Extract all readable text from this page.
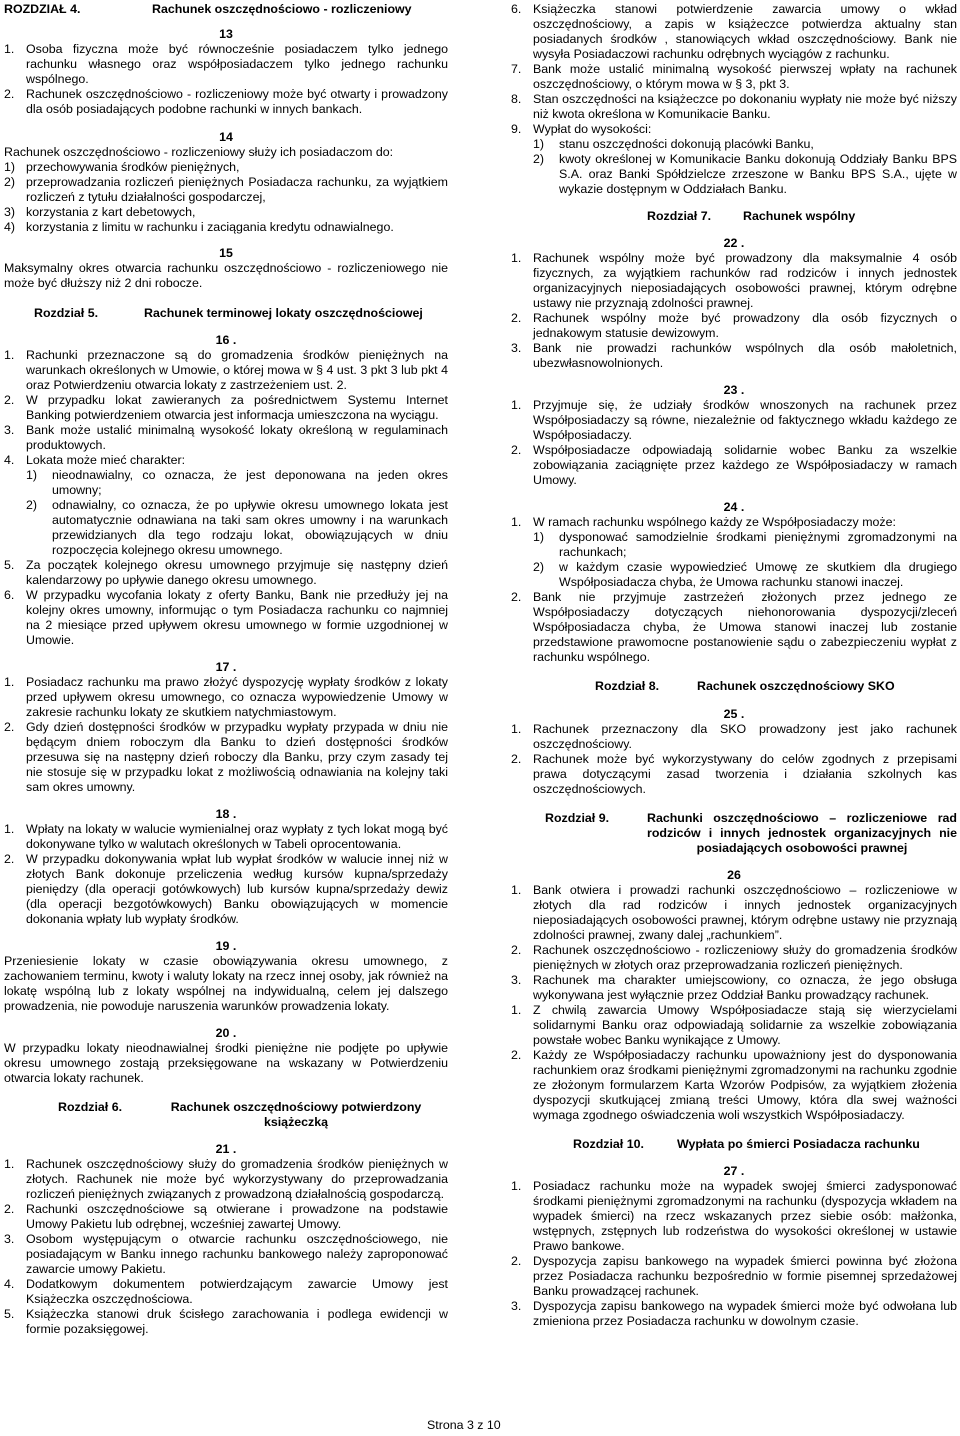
ROZDZIAŁ 4.	Rachunek oszczędnościowo - rozliczeniowy

13

1. Osoba fizyczna może być równocześnie posiadaczem tylko jednego rachunku własnego oraz współposiadaczem tylko jednego rachunku wspólnego.
2. Rachunek oszczędnościowo - rozliczeniowy może być otwarty i prowadzony dla osób posiadających podobne rachunki w innych bankach.

14

Rachunek oszczędnościowo - rozliczeniowy służy ich posiadaczom do:

1) przechowywania środków pieniężnych,
2) przeprowadzania rozliczeń pieniężnych Posiadacza rachunku, za wyjątkiem rozliczeń z tytułu działalności gospodarczej,
3) korzystania z kart debetowych,
4) korzystania z limitu w rachunku i zaciągania kredytu odnawialnego.

15

Maksymalny okres otwarcia rachunku oszczędnościowo - rozliczeniowego nie może być dłuższy niż 2 dni robocze.

Rozdział 5.	Rachunek terminowej lokaty oszczędnościowej

16 .

1. Rachunki przeznaczone są do gromadzenia środków pieniężnych na warunkach określonych w Umowie, o której mowa w § 4 ust. 3 pkt 3 lub pkt 4 oraz Potwierdzeniu otwarcia lokaty z zastrzeżeniem ust. 2.
2. W przypadku lokat zawieranych za pośrednictwem Systemu Internet Banking potwierdzeniem otwarcia jest informacja umieszczona na wyciągu.
3. Bank może ustalić minimalną wysokość lokaty określoną w regulaminach produktowych.
4. Lokata może mieć charakter:
1)	nieodnawialny, co oznacza, że jest deponowana na jeden okres umowny;
2)	odnawialny, co oznacza, że po upływie okresu umownego lokata jest automatycznie odnawiana na taki sam okres umowny i na warunkach przewidzianych dla tego rodzaju lokat, obowiązujących w dniu rozpoczęcia kolejnego okresu umownego.
5. Za początek kolejnego okresu umownego przyjmuje się następny dzień kalendarzowy po upływie danego okresu umownego.
6. W przypadku wycofania lokaty z oferty Banku, Bank nie przedłuży jej na kolejny okres umowny, informując o tym Posiadacza rachunku co najmniej na 2 miesiące przed upływem okresu umownego w formie uzgodnionej w Umowie.

17 .

1. Posiadacz rachunku ma prawo złożyć dyspozycję wypłaty środków z lokaty przed upływem okresu umownego, co oznacza wypowiedzenie Umowy w zakresie rachunku lokaty ze skutkiem natychmiastowym.
2. Gdy dzień dostępności środków w przypadku wypłaty przypada w dniu nie będącym dniem roboczym dla Banku to dzień dostępności środków przesuwa się na następny dzień roboczy dla Banku, przy czym zasady tej nie stosuje się w przypadku lokat z możliwością odnawiania na kolejny taki sam okres umowny.

18 .

1. Wpłaty na lokaty w walucie wymienialnej oraz wypłaty z tych lokat mogą być dokonywane tylko w walutach określonych w Tabeli oprocentowania.
2. W przypadku dokonywania wpłat lub wypłat środków w walucie innej niż w złotych Bank dokonuje przeliczenia według kursów kupna/sprzedaży pieniędzy (dla operacji gotówkowych) lub kursów kupna/sprzedaży dewiz (dla operacji bezgotówkowych) Banku obowiązujących w momencie dokonania wpłaty lub wypłaty środków.

19 .

Przeniesienie lokaty w czasie obowiązywania okresu umownego, z zachowaniem terminu, kwoty i waluty lokaty na rzecz innej osoby, jak również na lokatę wspólną lub z lokaty wspólnej na indywidualną, celem jej dalszego prowadzenia, nie powoduje naruszenia warunków prowadzenia lokaty.

20 .

W przypadku lokaty nieodnawialnej środki pieniężne nie podjęte po upływie okresu umownego zostają przeksięgowane na wskazany w Potwierdzeniu otwarcia lokaty rachunek.

Rozdział 6.	Rachunek oszczędnościowy potwierdzony książeczką

21 .

1. Rachunek oszczędnościowy służy do gromadzenia środków pieniężnych w złotych. Rachunek nie może być wykorzystywany do przeprowadzania rozliczeń pieniężnych związanych z prowadzoną działalnością gospodarczą.
2. Rachunki oszczędnościowe są otwierane i prowadzone na podstawie Umowy Pakietu lub odrębnej, wcześniej zawartej Umowy.
3. Osobom występującym o otwarcie rachunku oszczędnościowego, nie posiadającym w Banku innego rachunku bankowego należy zaproponować zawarcie umowy Pakietu.
4. Dodatkowym dokumentem potwierdzającym zawarcie Umowy jest Książeczka oszczędnościowa.
5. Książeczka stanowi druk ścisłego zarachowania i podlega ewidencji w formie pozaksięgowej.
6. Książeczka stanowi potwierdzenie zawarcia umowy o wkład oszczędnościowy, a zapis w książeczce potwierdza aktualny stan posiadanych środków , stanowiących wkład oszczędnościowy. Bank nie wysyła Posiadaczowi rachunku odrębnych wyciągów z rachunku.
7. Bank może ustalić minimalną wysokość pierwszej wpłaty na rachunek oszczędnościowy, o którym mowa w § 3, pkt 3.
8. Stan oszczędności na książeczce po dokonaniu wypłaty nie może być niższy niż kwota określona w Komunikacie Banku.
9. Wypłat do wysokości:
1)	stanu oszczędności dokonują placówki Banku,
2)	kwoty określonej w Komunikacie Banku dokonują Oddziały Banku BPS S.A. oraz Banki Spółdzielcze zrzeszone w Banku BPS S.A., ujęte w wykazie dostępnym w Oddziałach Banku.
Rozdział 7.	Rachunek wspólny

22 .

1. Rachunek wspólny może być prowadzony dla maksymalnie 4 osób fizycznych, za wyjątkiem rachunków rad rodziców i innych jednostek organizacyjnych nieposiadających osobowości prawnej, którym odrębne ustawy nie przyznają zdolności prawnej.
2. Rachunek wspólny może być prowadzony dla osób fizycznych o jednakowym statusie dewizowym.
3. Bank nie prowadzi rachunków wspólnych dla osób małoletnich, ubezwłasnowolnionych.

23 .

1. Przyjmuje się, że udziały środków wnoszonych na rachunek przez Współposiadaczy są równe, niezależnie od faktycznego wkładu każdego ze Współposiadaczy.
2. Współposiadacze odpowiadają solidarnie wobec Banku za wszelkie zobowiązania zaciągnięte przez każdego ze Współposiadaczy w ramach Umowy.

24 .

1. W ramach rachunku wspólnego każdy ze Współposiadaczy może:
1)	dysponować samodzielnie środkami pieniężnymi zgromadzonymi na rachunkach;
2)	w każdym czasie wypowiedzieć Umowę ze skutkiem dla drugiego Współposiadacza chyba, że Umowa rachunku stanowi inaczej.
2. Bank nie przyjmuje zastrzeżeń złożonych przez jednego ze Współposiadaczy dotyczących niehonorowania dyspozycji/zleceń Współposiadacza chyba, że Umowa stanowi inaczej lub zostanie przedstawione prawomocne postanowienie sądu o zabezpieczeniu wypłat z rachunku wspólnego.
Rozdział 8.	Rachunek oszczędnościowy SKO

25 .

1. Rachunek przeznaczony dla SKO prowadzony jest jako rachunek oszczędnościowy.
2. Rachunek może być wykorzystywany do celów zgodnych z przepisami prawa dotyczącymi zasad tworzenia i działania szkolnych kas oszczędnościowych.
Rozdział 9.	Rachunki oszczędnościowo – rozliczeniowe rad rodziców i innych jednostek organizacyjnych nie posiadających osobowości prawnej

26

1. Bank otwiera i prowadzi rachunki oszczędnościowo – rozliczeniowe w złotych dla rad rodziców i innych jednostek organizacyjnych nieposiadających osobowości prawnej, którym odrębne ustawy nie przyznają zdolności prawnej, zwany dalej „rachunkiem”.
2. Rachunek oszczędnościowo - rozliczeniowy służy do gromadzenia środków pieniężnych w złotych oraz przeprowadzania rozliczeń pieniężnych.
3. Rachunek ma charakter umiejscowiony, co oznacza, że jego obsługa wykonywana jest wyłącznie przez Oddział Banku prowadzący rachunek.
1. Z chwilą zawarcia Umowy Współposiadacze stają się wierzycielami solidarnymi Banku oraz odpowiadają solidarnie za wszelkie zobowiązania powstałe wobec Banku wynikające z Umowy.
2. Każdy ze Współposiadaczy rachunku upoważniony jest do dysponowania rachunkiem oraz środkami pieniężnymi zgromadzonymi na rachunku zgodnie ze złożonym formularzem Karta Wzorów Podpisów, za wyjątkiem złożenia dyspozycji skutkującej zmianą treści Umowy, która dla swej ważności wymaga zgodnego oświadczenia woli wszystkich Współposiadaczy.
Rozdział 10.	Wypłata po śmierci Posiadacza rachunku

27 .

1. Posiadacz rachunku może na wypadek swojej śmierci zadysponować środkami pieniężnymi zgromadzonymi na rachunku (dyspozycja wkładem na wypadek śmierci) na rzecz wskazanych przez siebie osób: małżonka, wstępnych, zstępnych lub rodzeństwa do wysokości określonej w ustawie Prawo bankowe.
2. Dyspozycja zapisu bankowego na wypadek śmierci powinna być złożona przez Posiadacza rachunku bezpośrednio w formie pisemnej sprzedażowej Banku prowadzącej rachunek.
3. Dyspozycja zapisu bankowego na wypadek śmierci może być odwołana lub zmieniona przez Posiadacza rachunku w dowolnym czasie.
Strona 3 z 10
